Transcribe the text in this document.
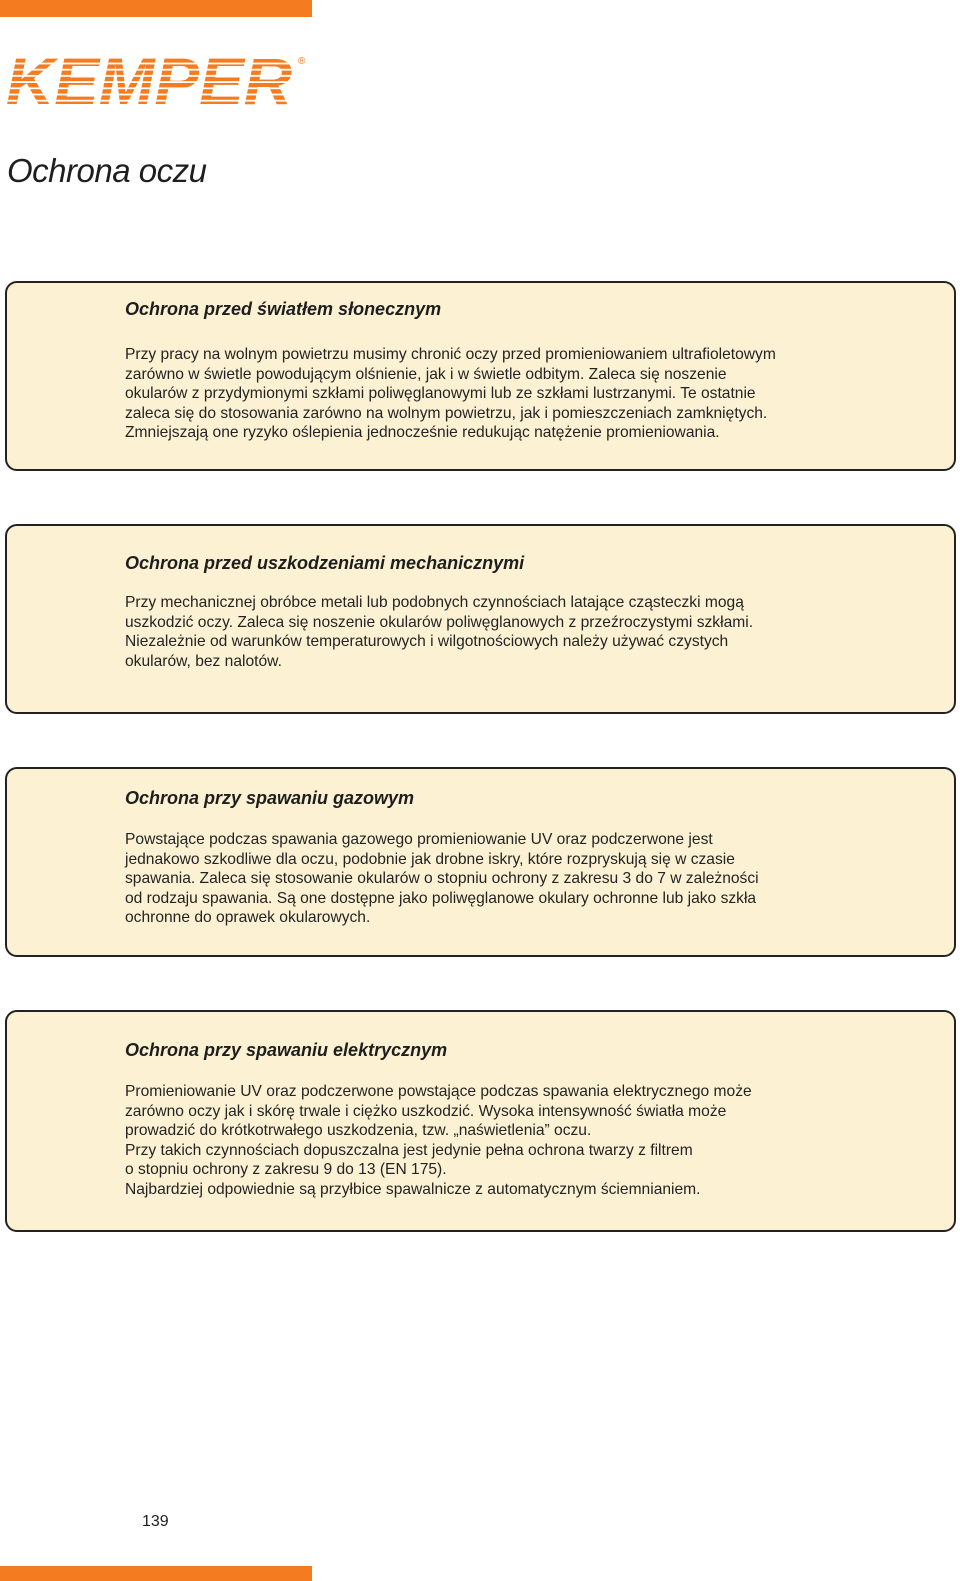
KEMPER ®
Ochrona oczu
Ochrona przed światłem słonecznym

Przy pracy na wolnym powietrzu musimy chronić oczy przed promieniowaniem ultrafioletowym
zarówno w świetle powodującym olśnienie, jak i w świetle odbitym. Zaleca się noszenie
okularów z przydymionymi szkłami poliwęglanowymi lub ze szkłami lustrzanymi. Te ostatnie
zaleca się do stosowania zarówno na wolnym powietrzu, jak i pomieszczeniach zamkniętych.
Zmniejszają one ryzyko oślepienia jednocześnie redukując natężenie promieniowania.

Ochrona przed uszkodzeniami mechanicznymi

Przy mechanicznej obróbce metali lub podobnych czynnościach latające cząsteczki mogą
uszkodzić oczy. Zaleca się noszenie okularów poliwęglanowych z przeźroczystymi szkłami.
Niezależnie od warunków temperaturowych i wilgotnościowych należy używać czystych
okularów, bez nalotów.

Ochrona przy spawaniu gazowym

Powstające podczas spawania gazowego promieniowanie UV oraz podczerwone jest
jednakowo szkodliwe dla oczu, podobnie jak drobne iskry, które rozpryskują się w czasie
spawania. Zaleca się stosowanie okularów o stopniu ochrony z zakresu 3 do 7 w zależności
od rodzaju spawania. Są one dostępne jako poliwęglanowe okulary ochronne lub jako szkła
ochronne do oprawek okularowych.

Ochrona przy spawaniu elektrycznym

Promieniowanie UV oraz podczerwone powstające podczas spawania elektrycznego może
zarówno oczy jak i skórę trwale i ciężko uszkodzić. Wysoka intensywność światła może
prowadzić do krótkotrwałego uszkodzenia, tzw. „naświetlenia” oczu.
Przy takich czynnościach dopuszczalna jest jedynie pełna ochrona twarzy z filtrem
o stopniu ochrony z zakresu 9 do 13 (EN 175).
Najbardziej odpowiednie są przyłbice spawalnicze z automatycznym ściemnianiem.

139
